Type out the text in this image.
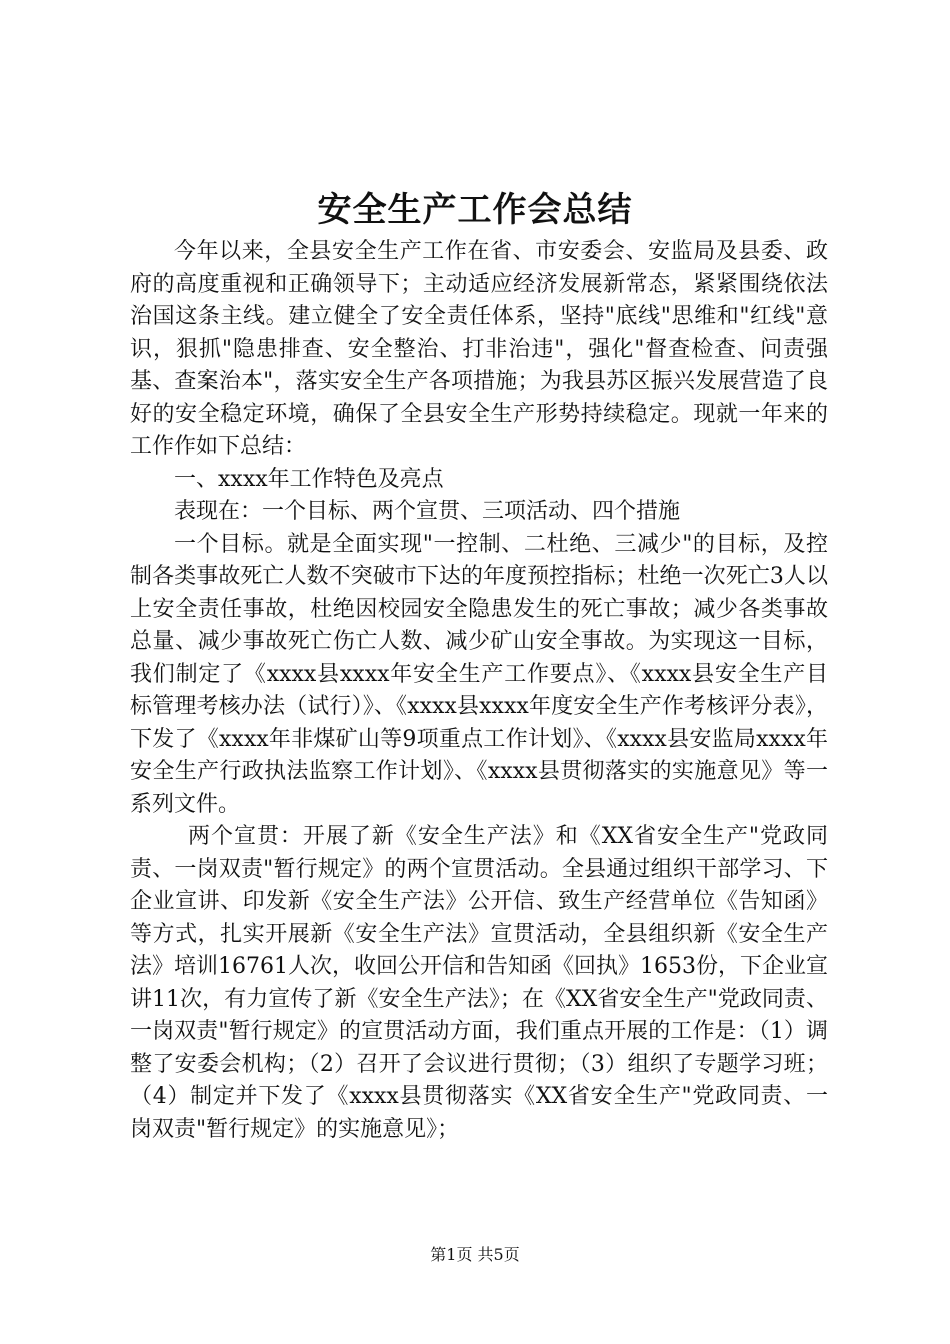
安全生产工作会总结

今年以来，全县安全生产工作在省、市安委会、安监局及县委、政府的高度重视和正确领导下；主动适应经济发展新常态，紧紧围绕依法治国这条主线。建立健全了安全责任体系，坚持"底线"思维和"红线"意识，狠抓"隐患排查、安全整治、打非治违"，强化"督查检查、问责强基、查案治本"，落实安全生产各项措施；为我县苏区振兴发展营造了良好的安全稳定环境，确保了全县安全生产形势持续稳定。现就一年来的工作作如下总结：

一、xxxx年工作特色及亮点

表现在：一个目标、两个宣贯、三项活动、四个措施

一个目标。就是全面实现"一控制、二杜绝、三减少"的目标，及控制各类事故死亡人数不突破市下达的年度预控指标；杜绝一次死亡3人以上安全责任事故，杜绝因校园安全隐患发生的死亡事故；减少各类事故总量、减少事故死亡伤亡人数、减少矿山安全事故。为实现这一目标，我们制定了《xxxx县xxxx年安全生产工作要点》、《xxxx县安全生产目标管理考核办法（试行）》、《xxxx县xxxx年度安全生产作考核评分表》，下发了《xxxx年非煤矿山等9项重点工作计划》、《xxxx县安监局xxxx年安全生产行政执法监察工作计划》、《xxxx县贯彻落实的实施意见》等一系列文件。

两个宣贯：开展了新《安全生产法》和《XX省安全生产"党政同责、一岗双责"暂行规定》的两个宣贯活动。全县通过组织干部学习、下企业宣讲、印发新《安全生产法》公开信、致生产经营单位《告知函》等方式，扎实开展新《安全生产法》宣贯活动，全县组织新《安全生产法》培训16761人次，收回公开信和告知函《回执》1653份，下企业宣讲11次，有力宣传了新《安全生产法》；在《XX省安全生产"党政同责、一岗双责"暂行规定》的宣贯活动方面，我们重点开展的工作是：（1）调整了安委会机构；（2）召开了会议进行贯彻；（3）组织了专题学习班；（4）制定并下发了《xxxx县贯彻落实《XX省安全生产"党政同责、一岗双责"暂行规定》的实施意见》；

第1页 共5页
